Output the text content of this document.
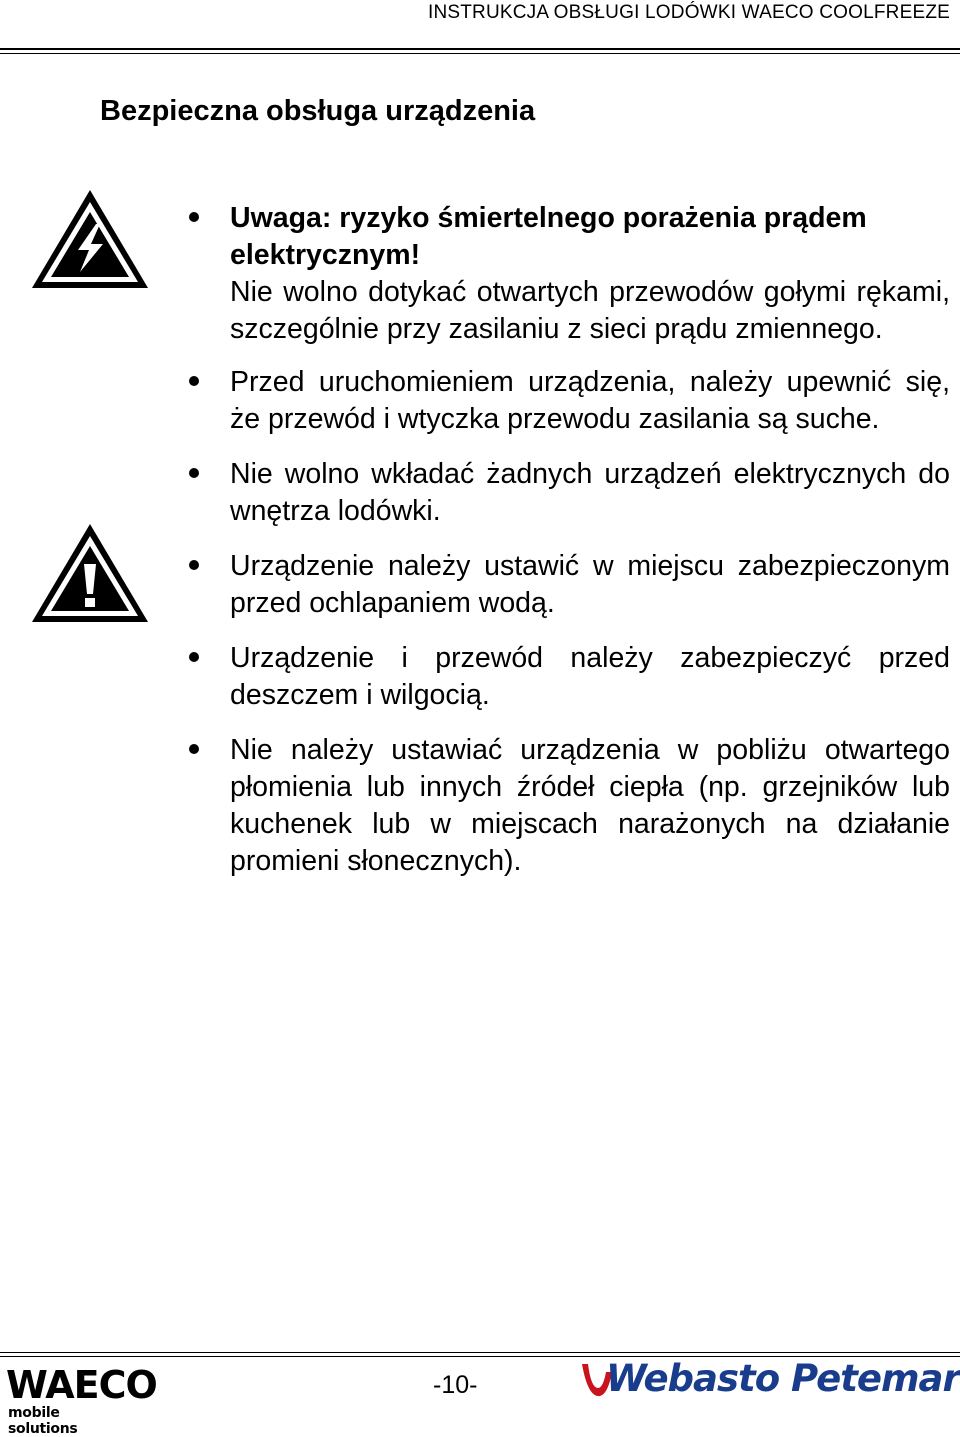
INSTRUKCJA OBSŁUGI LODÓWKI WAECO COOLFREEZE
Bezpieczna obsługa urządzenia
Uwaga: ryzyko śmiertelnego porażenia prądem elektrycznym!
Nie wolno dotykać otwartych przewodów gołymi rękami, szczególnie przy zasilaniu z sieci prądu zmiennego.
Przed uruchomieniem urządzenia, należy upewnić się, że przewód i wtyczka przewodu zasilania są suche.
Nie wolno wkładać żadnych urządzeń elektrycznych do wnętrza lodówki.
Urządzenie należy ustawić w miejscu zabezpieczonym przed ochlapaniem wodą.
Urządzenie i przewód należy zabezpieczyć przed deszczem i wilgocią.
Nie należy ustawiać urządzenia w pobliżu otwartego płomienia lub innych źródeł ciepła (np. grzejników lub kuchenek lub w miejscach narażonych na działanie promieni słonecznych).
WAECO
mobile solutions
-10-	Webasto Petemar
